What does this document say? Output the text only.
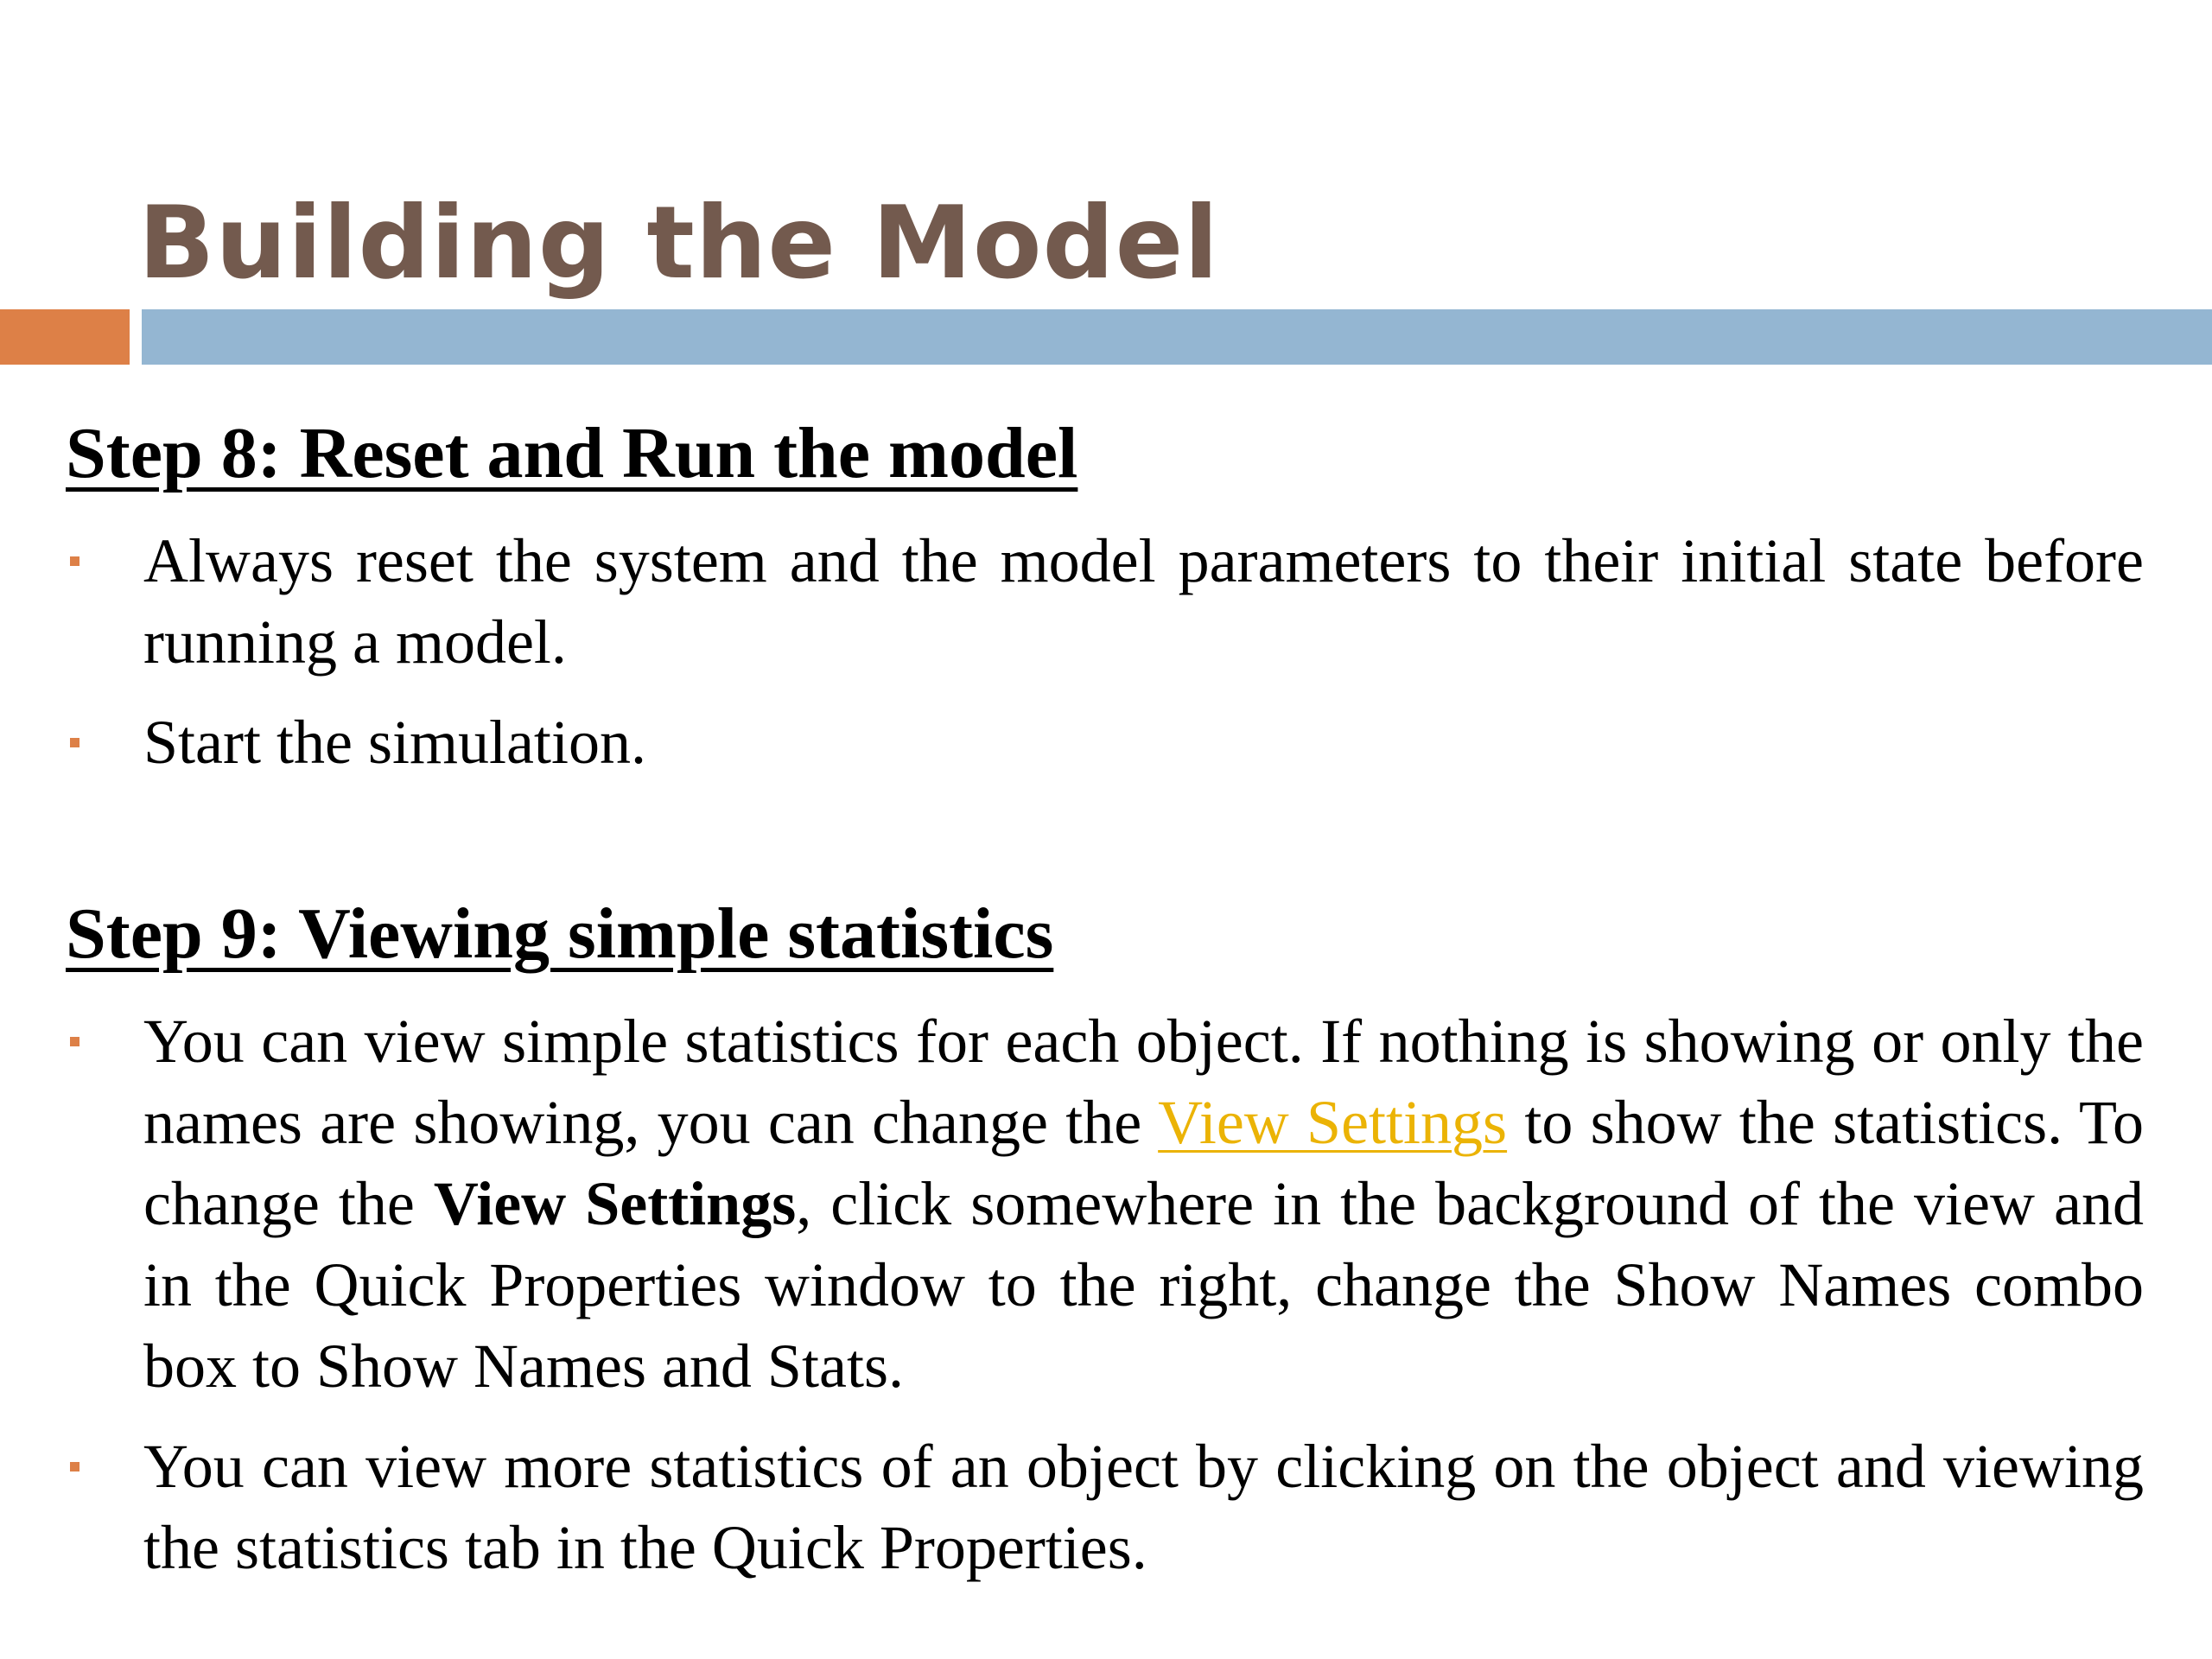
Building the Model
Step 8: Reset and Run the model
Always reset the system and the model parameters to their initial state before running a model.
Start the simulation.
Step 9: Viewing simple statistics
You can view simple statistics for each object. If nothing is showing or only the names are showing, you can change the View Settings to show the statistics. To change the View Settings, click somewhere in the background of the view and in the Quick Properties window to the right, change the Show Names combo box to Show Names and Stats.
You can view more statistics of an object by clicking on the object and viewing the statistics tab in the Quick Properties.
